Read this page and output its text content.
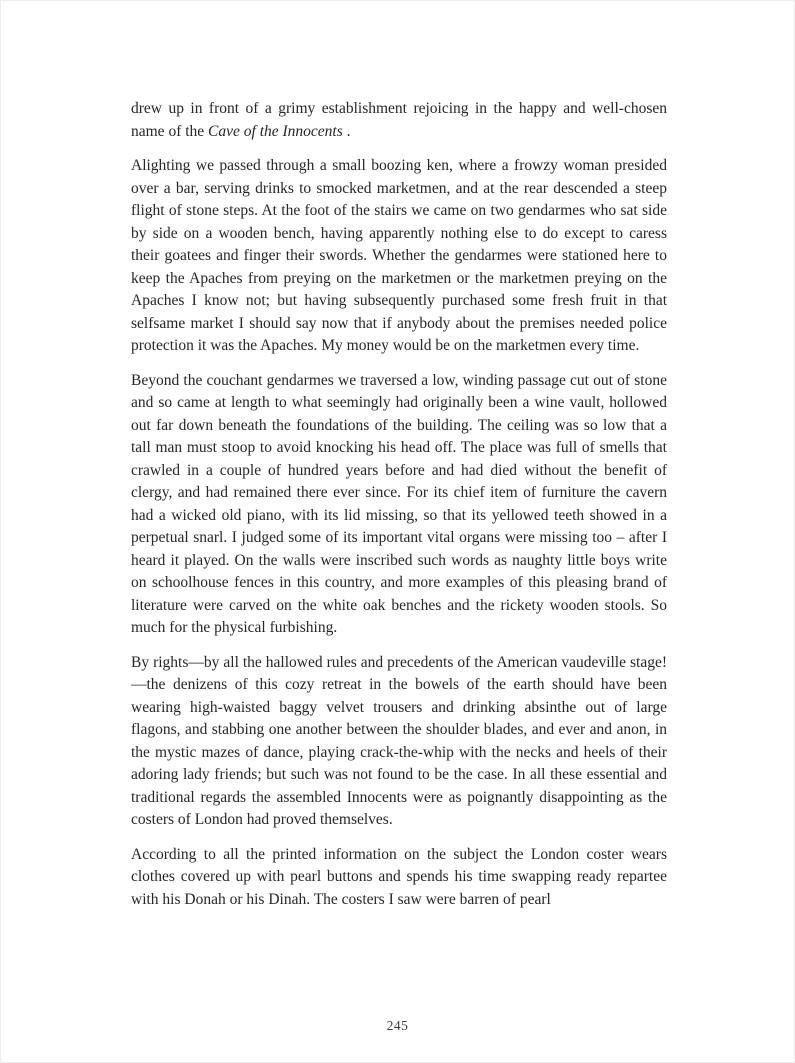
drew up in front of a grimy establishment rejoicing in the happy and well-chosen name of the Cave of the Innocents .

Alighting we passed through a small boozing ken, where a frowzy woman presided over a bar, serving drinks to smocked marketmen, and at the rear descended a steep flight of stone steps. At the foot of the stairs we came on two gendarmes who sat side by side on a wooden bench, having apparently nothing else to do except to caress their goatees and finger their swords. Whether the gendarmes were stationed here to keep the Apaches from preying on the marketmen or the marketmen preying on the Apaches I know not; but having subsequently purchased some fresh fruit in that selfsame market I should say now that if anybody about the premises needed police protection it was the Apaches. My money would be on the marketmen every time.

Beyond the couchant gendarmes we traversed a low, winding passage cut out of stone and so came at length to what seemingly had originally been a wine vault, hollowed out far down beneath the foundations of the building. The ceiling was so low that a tall man must stoop to avoid knocking his head off. The place was full of smells that crawled in a couple of hundred years before and had died without the benefit of clergy, and had remained there ever since. For its chief item of furniture the cavern had a wicked old piano, with its lid missing, so that its yellowed teeth showed in a perpetual snarl. I judged some of its important vital organs were missing too – after I heard it played. On the walls were inscribed such words as naughty little boys write on schoolhouse fences in this country, and more examples of this pleasing brand of literature were carved on the white oak benches and the rickety wooden stools. So much for the physical furbishing.

By rights—by all the hallowed rules and precedents of the American vaudeville stage!—the denizens of this cozy retreat in the bowels of the earth should have been wearing high-waisted baggy velvet trousers and drinking absinthe out of large flagons, and stabbing one another between the shoulder blades, and ever and anon, in the mystic mazes of dance, playing crack-the-whip with the necks and heels of their adoring lady friends; but such was not found to be the case. In all these essential and traditional regards the assembled Innocents were as poignantly disappointing as the costers of London had proved themselves.

According to all the printed information on the subject the London coster wears clothes covered up with pearl buttons and spends his time swapping ready repartee with his Donah or his Dinah. The costers I saw were barren of pearl

245
